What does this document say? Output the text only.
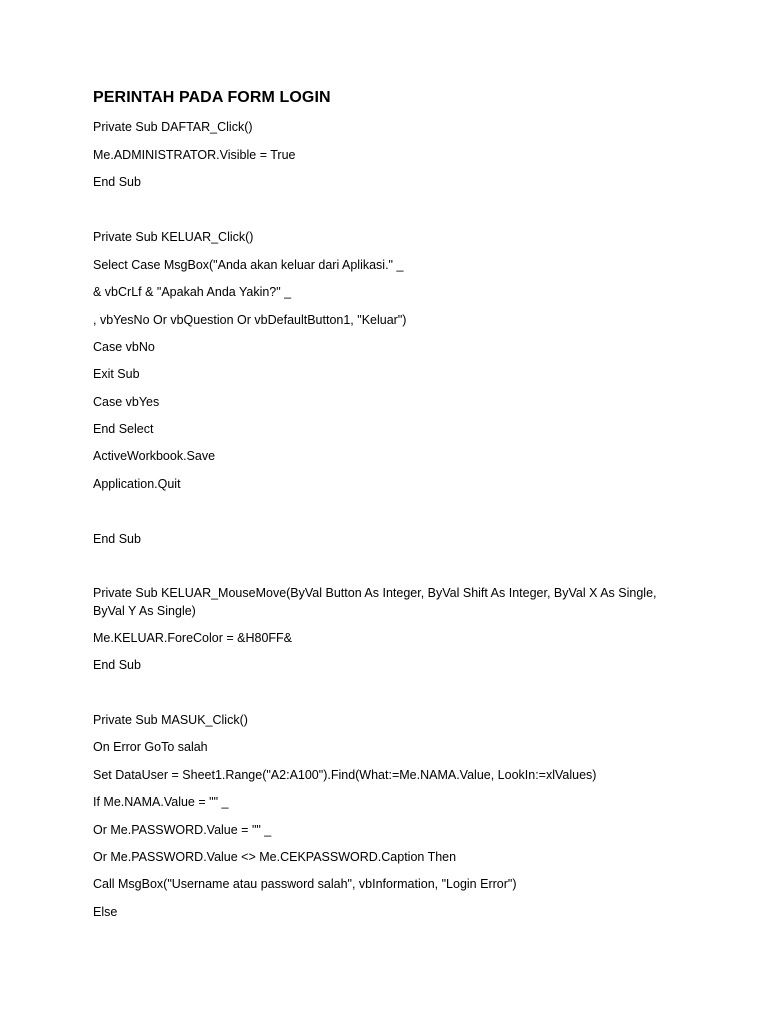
PERINTAH PADA FORM LOGIN
Private Sub DAFTAR_Click()
Me.ADMINISTRATOR.Visible = True
End Sub
Private Sub KELUAR_Click()
Select Case MsgBox("Anda akan keluar dari Aplikasi." _
& vbCrLf & "Apakah Anda Yakin?" _
, vbYesNo Or vbQuestion Or vbDefaultButton1, "Keluar")
Case vbNo
Exit Sub
Case vbYes
End Select
ActiveWorkbook.Save
Application.Quit
End Sub
Private Sub KELUAR_MouseMove(ByVal Button As Integer, ByVal Shift As Integer, ByVal X As Single, ByVal Y As Single)
Me.KELUAR.ForeColor = &H80FF&
End Sub
Private Sub MASUK_Click()
On Error GoTo salah
Set DataUser = Sheet1.Range("A2:A100").Find(What:=Me.NAMA.Value, LookIn:=xlValues)
If Me.NAMA.Value = "" _
Or Me.PASSWORD.Value = "" _
Or Me.PASSWORD.Value <> Me.CEKPASSWORD.Caption Then
Call MsgBox("Username atau password salah", vbInformation, "Login Error")
Else
